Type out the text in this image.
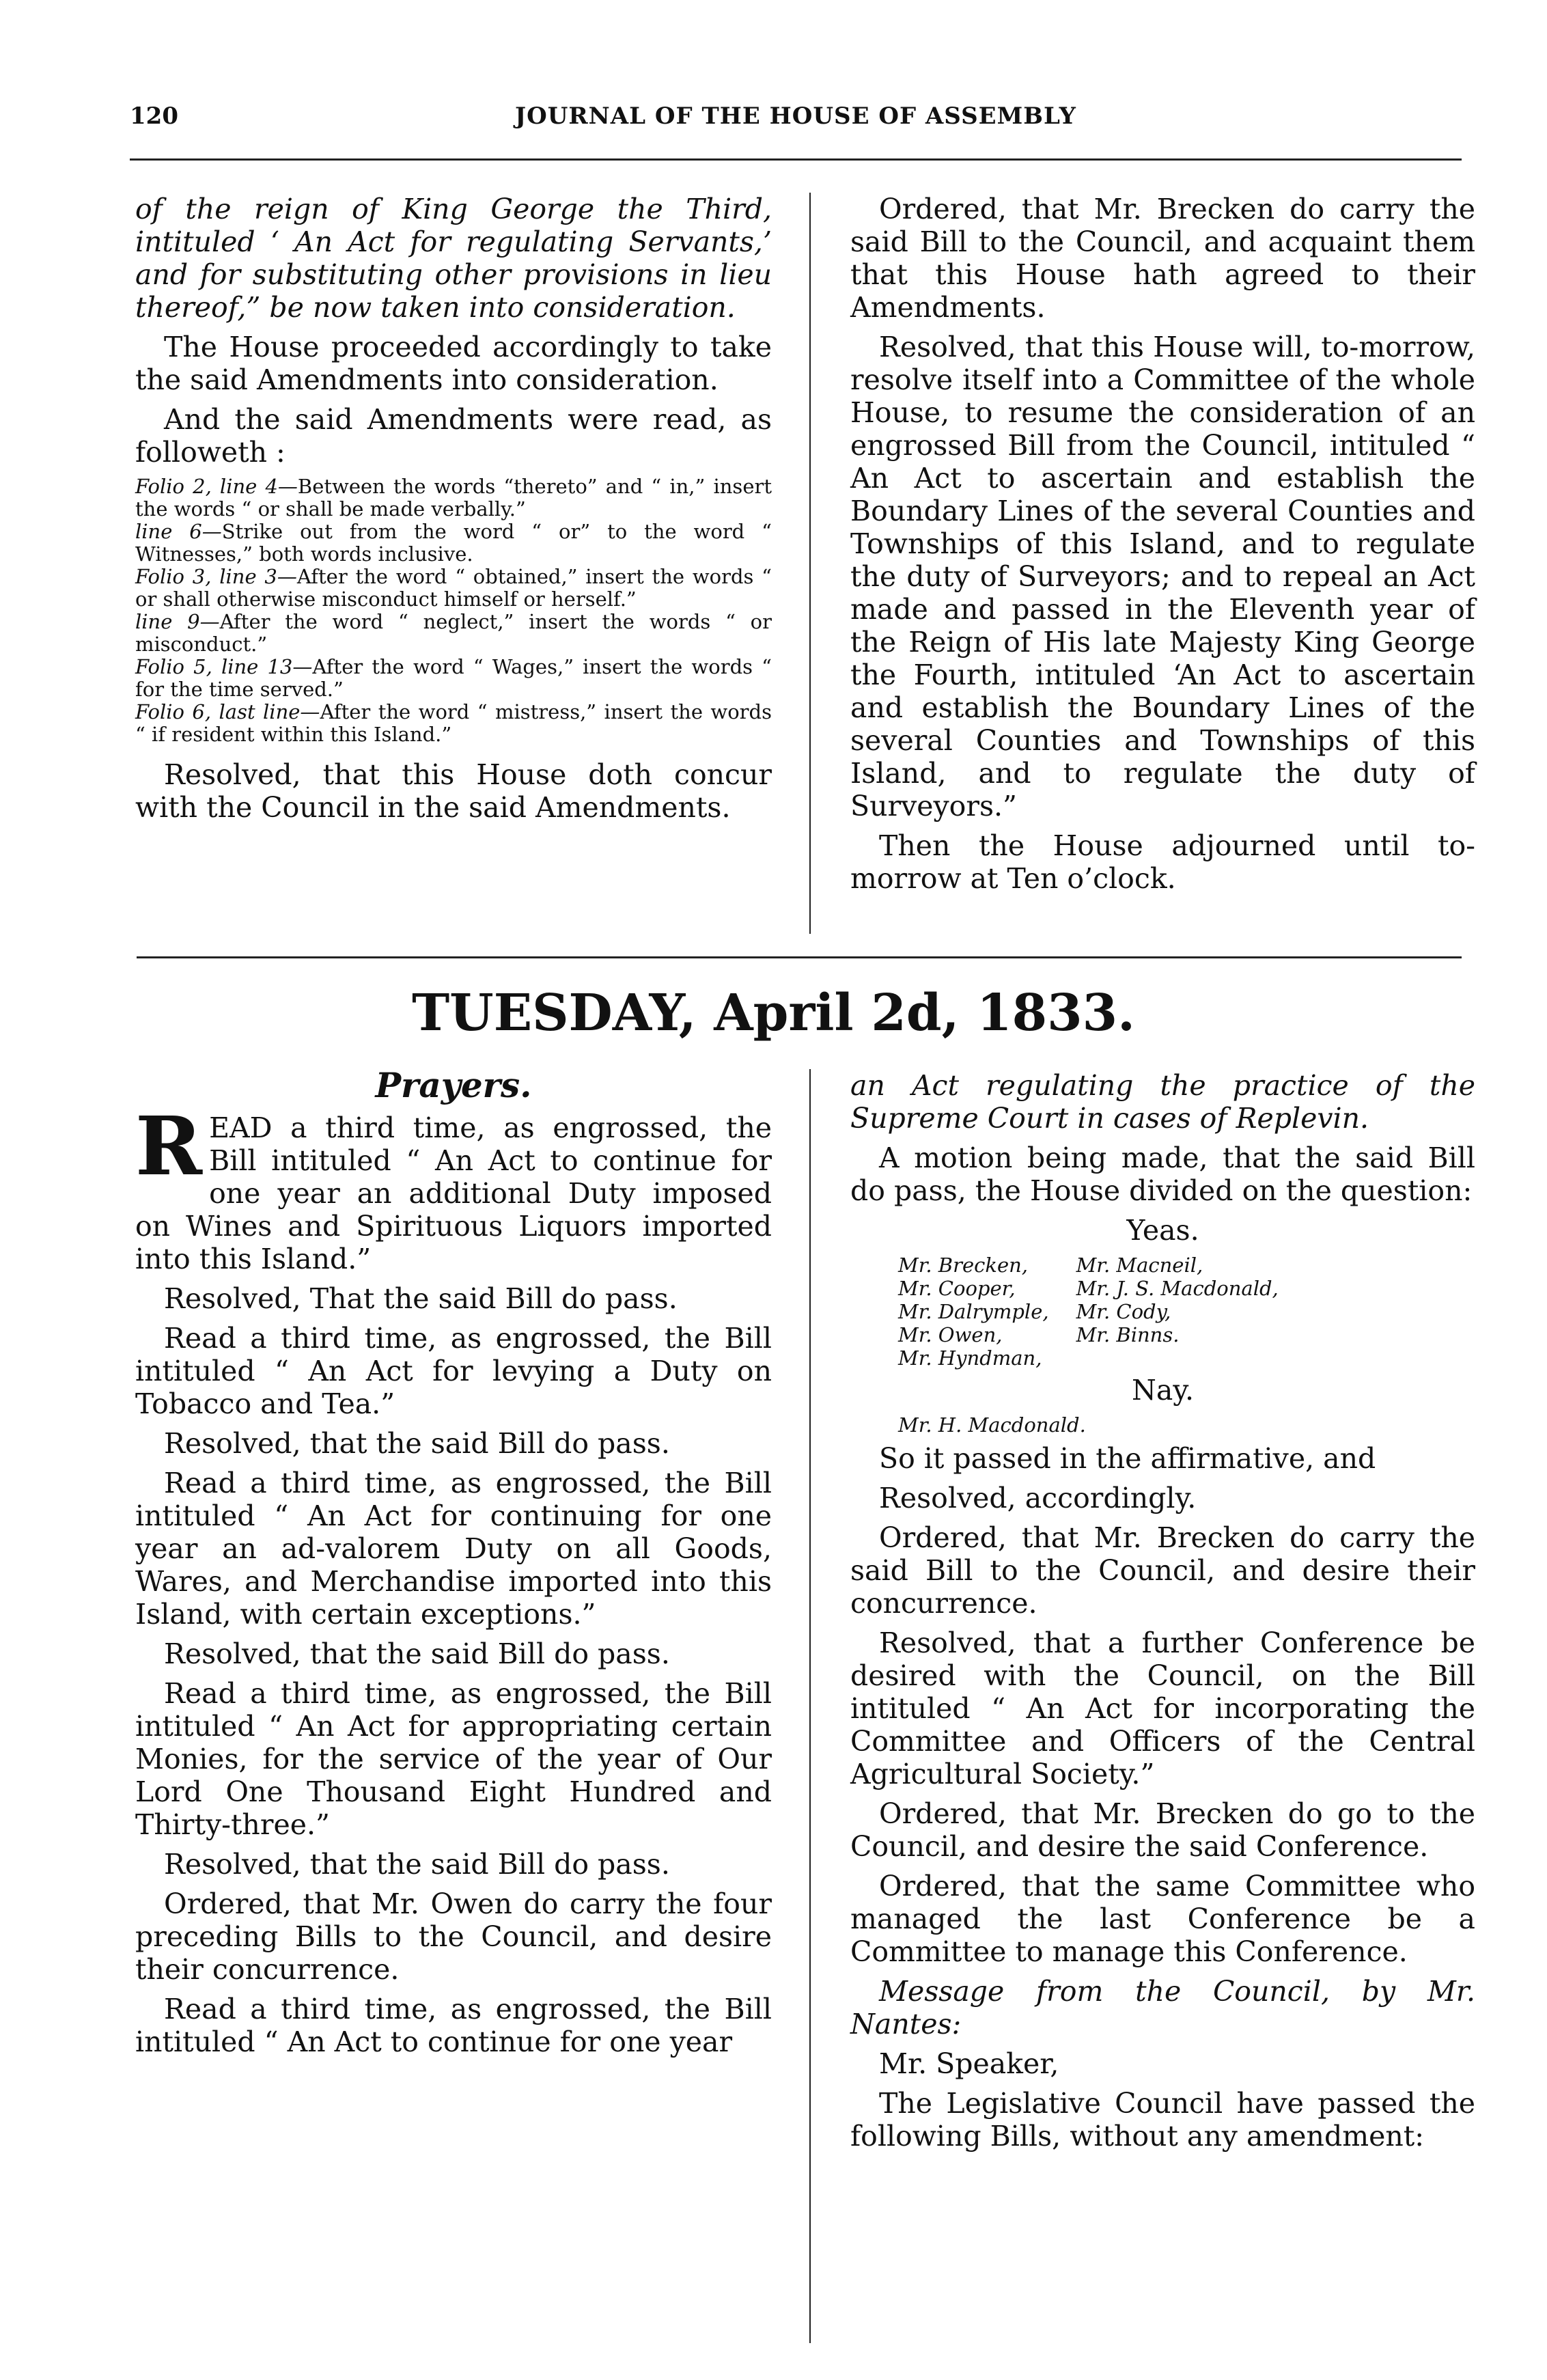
120	JOURNAL OF THE HOUSE OF ASSEMBLY

of the reign of King George the Third, intituled ‘ An Act for regulating Servants,’ and for substituting other provisions in lieu thereof,” be now taken into consideration.

The House proceeded accordingly to take the said Amendments into consideration.

And the said Amendments were read, as followeth :

Folio 2, line 4—Between the words “thereto” and “ in,” insert the words “ or shall be made verbally.”
line 6—Strike out from the word “ or” to the word “ Witnesses,” both words inclusive.
Folio 3, line 3—After the word “ obtained,” insert the words “ or shall otherwise misconduct himself or herself.”
line 9—After the word “ neglect,” insert the words “ or misconduct.”
Folio 5, line 13—After the word “ Wages,” insert the words “ for the time served.”
Folio 6, last line—After the word “ mistress,” insert the words “ if resident within this Island.”

Resolved, that this House doth concur with the Council in the said Amendments.

Ordered, that Mr. Brecken do carry the said Bill to the Council, and acquaint them that this House hath agreed to their Amendments.

Resolved, that this House will, to-morrow, resolve itself into a Committee of the whole House, to resume the consideration of an engrossed Bill from the Council, intituled “ An Act to ascertain and establish the Boundary Lines of the several Counties and Townships of this Island, and to regulate the duty of Surveyors; and to repeal an Act made and passed in the Eleventh year of the Reign of His late Majesty King George the Fourth, intituled ‘An Act to ascertain and establish the Boundary Lines of the several Counties and Townships of this Island, and to regulate the duty of Surveyors.”

Then the House adjourned until to-morrow at Ten o’clock.

TUESDAY, April 2d, 1833.
Prayers.

READ a third time, as engrossed, the Bill intituled “ An Act to continue for one year an additional Duty imposed on Wines and Spirituous Liquors imported into this Island.”

Resolved, That the said Bill do pass.

Read a third time, as engrossed, the Bill intituled “ An Act for levying a Duty on Tobacco and Tea.”

Resolved, that the said Bill do pass.

Read a third time, as engrossed, the Bill intituled “ An Act for continuing for one year an ad-valorem Duty on all Goods, Wares, and Merchandise imported into this Island, with certain exceptions.”

Resolved, that the said Bill do pass.

Read a third time, as engrossed, the Bill intituled “ An Act for appropriating certain Monies, for the service of the year of Our Lord One Thousand Eight Hundred and Thirty-three.”

Resolved, that the said Bill do pass.

Ordered, that Mr. Owen do carry the four preceding Bills to the Council, and desire their concurrence.

Read a third time, as engrossed, the Bill intituled “ An Act to continue for one year

an Act regulating the practice of the Supreme Court in cases of Replevin.

A motion being made, that the said Bill do pass, the House divided on the question:

Yeas.

Mr. Brecken,
Mr. Cooper,
Mr. Dalrymple,
Mr. Owen,
Mr. Hyndman,

Mr. Macneil,
Mr. J. S. Macdonald,
Mr. Cody,
Mr. Binns.

Nay.

Mr. H. Macdonald.

So it passed in the affirmative, and

Resolved, accordingly.

Ordered, that Mr. Brecken do carry the said Bill to the Council, and desire their concurrence.

Resolved, that a further Conference be desired with the Council, on the Bill intituled “ An Act for incorporating the Committee and Officers of the Central Agricultural Society.”

Ordered, that Mr. Brecken do go to the Council, and desire the said Conference.

Ordered, that the same Committee who managed the last Conference be a Committee to manage this Conference.

Message from the Council, by Mr. Nantes:

Mr. Speaker,

The Legislative Council have passed the following Bills, without any amendment:
